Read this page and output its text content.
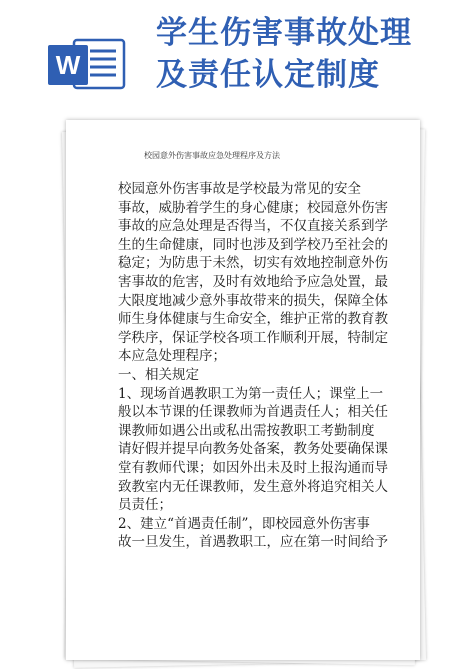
W
学生伤害事故处理
及责任认定制度
校园意外伤害事故应急处理程序及方法
校园意外伤害事故是学校最为常见的安全
事故，威胁着学生的身心健康；校园意外伤害
事故的应急处理是否得当，不仅直接关系到学
生的生命健康，同时也涉及到学校乃至社会的
稳定；为防患于未然，切实有效地控制意外伤
害事故的危害，及时有效地给予应急处置，最
大限度地减少意外事故带来的损失，保障全体
师生身体健康与生命安全，维护正常的教育教
学秩序，保证学校各项工作顺利开展，特制定
本应急处理程序；
一、相关规定
1、现场首遇教职工为第一责任人；课堂上一
般以本节课的任课教师为首遇责任人；相关任
课教师如遇公出或私出需按教职工考勤制度
请好假并提早向教务处备案，教务处要确保课
堂有教师代课；如因外出未及时上报沟通而导
致教室内无任课教师，发生意外将追究相关人
员责任；
2、建立“首遇责任制”，即校园意外伤害事
故一旦发生，首遇教职工，应在第一时间给予
